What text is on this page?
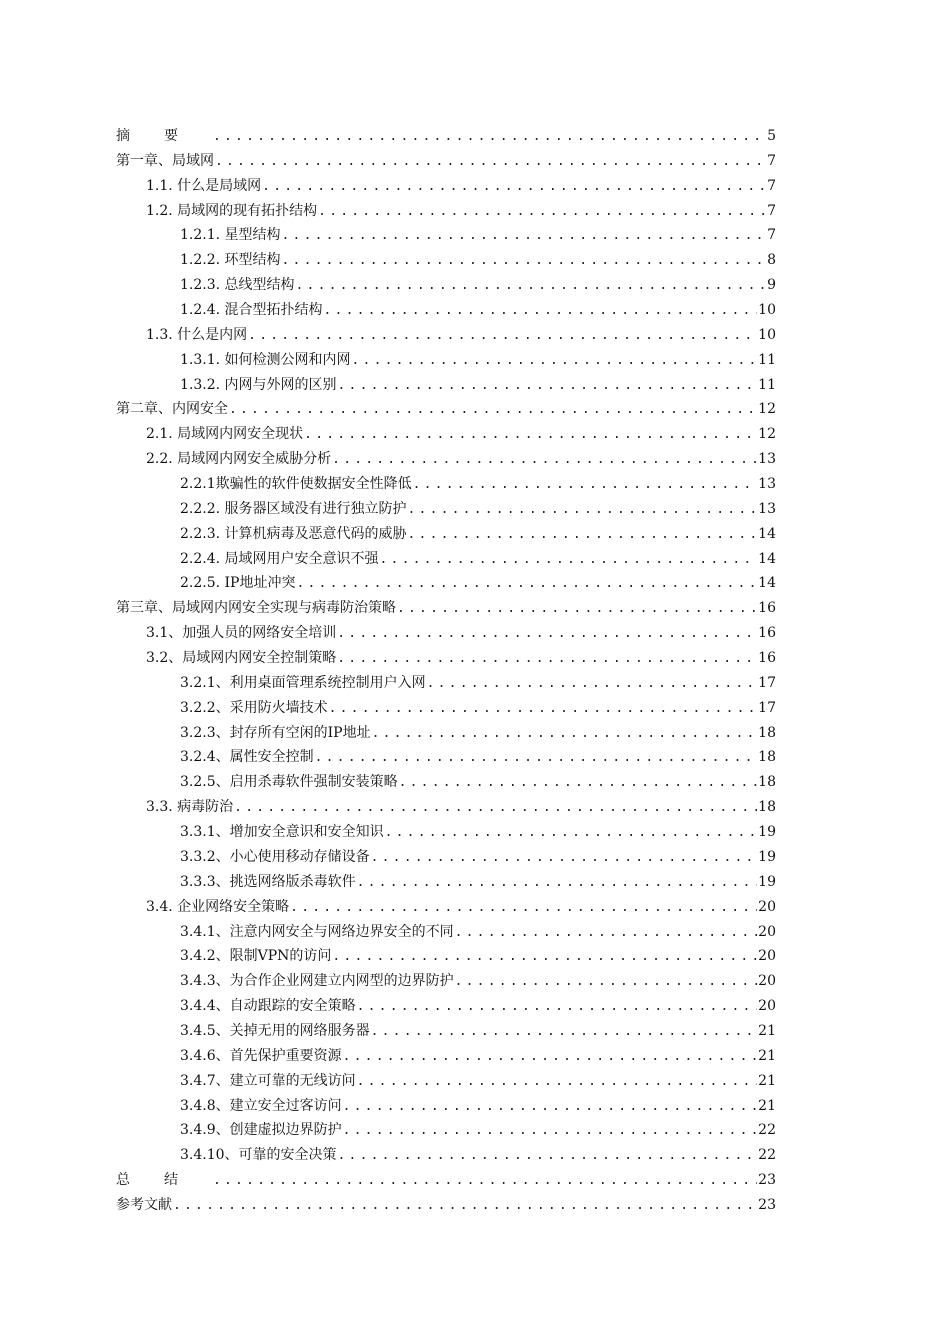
摘要 .....	5
第一章、局域网 .....	7
1.1. 什么是局域网 .....	7
1.2. 局域网的现有拓扑结构 .....	7
1.2.1. 星型结构 .....	7
1.2.2. 环型结构 .....	8
1.2.3. 总线型结构 .....	9
1.2.4. 混合型拓扑结构 .....	10
1.3. 什么是内网 .....	10
1.3.1. 如何检测公网和内网 .....	11
1.3.2. 内网与外网的区别 .....	11
第二章、内网安全 .....	12
2.1. 局域网内网安全现状 .....	12
2.2. 局域网内网安全威胁分析 .....	13
2.2.1欺骗性的软件使数据安全性降低 .....	13
2.2.2. 服务器区域没有进行独立防护 .....	13
2.2.3. 计算机病毒及恶意代码的威胁 .....	14
2.2.4. 局域网用户安全意识不强 .....	14
2.2.5. IP地址冲突 .....	14
第三章、局域网内网安全实现与病毒防治策略 .....	16
3.1、加强人员的网络安全培训 .....	16
3.2、局域网内网安全控制策略 .....	16
3.2.1、利用桌面管理系统控制用户入网 .....	17
3.2.2、采用防火墙技术 .....	17
3.2.3、封存所有空闲的IP地址 .....	18
3.2.4、属性安全控制 .....	18
3.2.5、启用杀毒软件强制安装策略 .....	18
3.3. 病毒防治 .....	18
3.3.1、增加安全意识和安全知识 .....	19
3.3.2、小心使用移动存储设备 .....	19
3.3.3、挑选网络版杀毒软件 .....	19
3.4. 企业网络安全策略 .....	20
3.4.1、注意内网安全与网络边界安全的不同 .....	20
3.4.2、限制VPN的访问 .....	20
3.4.3、为合作企业网建立内网型的边界防护 .....	20
3.4.4、自动跟踪的安全策略 .....	20
3.4.5、关掉无用的网络服务器 .....	21
3.4.6、首先保护重要资源 .....	21
3.4.7、建立可靠的无线访问 .....	21
3.4.8、建立安全过客访问 .....	21
3.4.9、创建虚拟边界防护 .....	22
3.4.10、可靠的安全决策 .....	22
总结 .....	23
参考文献 .....	23
